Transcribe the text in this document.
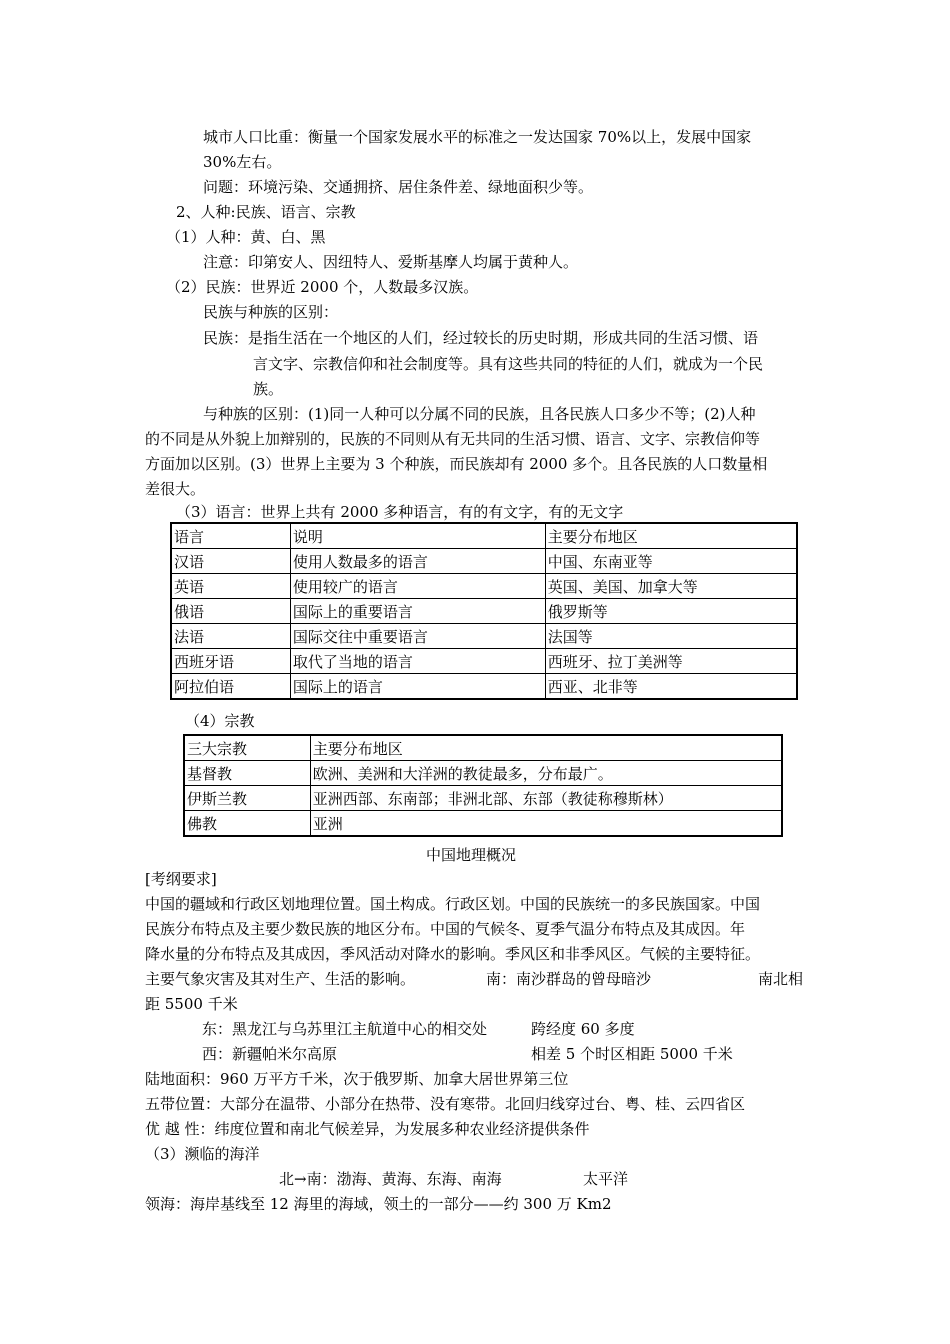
城市人口比重：衡量一个国家发展水平的标准之一发达国家 70%以上，发展中国家
30%左右。
问题：环境污染、交通拥挤、居住条件差、绿地面积少等。
2、人种:民族、语言、宗教
（1）人种：黄、白、黑
注意：印第安人、因纽特人、爱斯基摩人均属于黄种人。
（2）民族：世界近 2000 个，人数最多汉族。
民族与种族的区别：
民族：是指生活在一个地区的人们，经过较长的历史时期，形成共同的生活习惯、语
言文字、宗教信仰和社会制度等。具有这些共同的特征的人们，就成为一个民
族。
与种族的区别：(1)同一人种可以分属不同的民族，且各民族人口多少不等；(2)人种
的不同是从外貌上加辩别的，民族的不同则从有无共同的生活习惯、语言、文字、宗教信仰等
方面加以区别。(3）世界上主要为 3 个种族，而民族却有 2000 多个。且各民族的人口数量相
差很大。
（3）语言：世界上共有 2000 多种语言，有的有文字，有的无文字
语言	说明	主要分布地区
汉语	使用人数最多的语言	中国、东南亚等
英语	使用较广的语言	英国、美国、加拿大等
俄语	国际上的重要语言	俄罗斯等
法语	国际交往中重要语言	法国等
西班牙语	取代了当地的语言	西班牙、拉丁美洲等
阿拉伯语	国际上的语言	西亚、北非等
（4）宗教
三大宗教	主要分布地区
基督教	欧洲、美洲和大洋洲的教徒最多，分布最广。
伊斯兰教	亚洲西部、东南部；非洲北部、东部（教徒称穆斯林）
佛教	亚洲
中国地理概况
[考纲要求]
中国的疆域和行政区划地理位置。国土构成。行政区划。中国的民族统一的多民族国家。中国
民族分布特点及主要少数民族的地区分布。中国的气候冬、夏季气温分布特点及其成因。年
降水量的分布特点及其成因，季风活动对降水的影响。季风区和非季风区。气候的主要特征。
主要气象灾害及其对生产、生活的影响。	南：南沙群岛的曾母暗沙	南北相
距 5500 千米
东：黑龙江与乌苏里江主航道中心的相交处	跨经度 60 多度
西：新疆帕米尔高原	相差 5 个时区相距 5000 千米
陆地面积：960 万平方千米，次于俄罗斯、加拿大居世界第三位
五带位置：大部分在温带、小部分在热带、没有寒带。北回归线穿过台、粤、桂、云四省区
优 越 性：纬度位置和南北气候差异，为发展多种农业经济提供条件
（3）濒临的海洋
北→南：渤海、黄海、东海、南海	太平洋
领海：海岸基线至 12 海里的海域，领土的一部分——约 300 万 Km2
